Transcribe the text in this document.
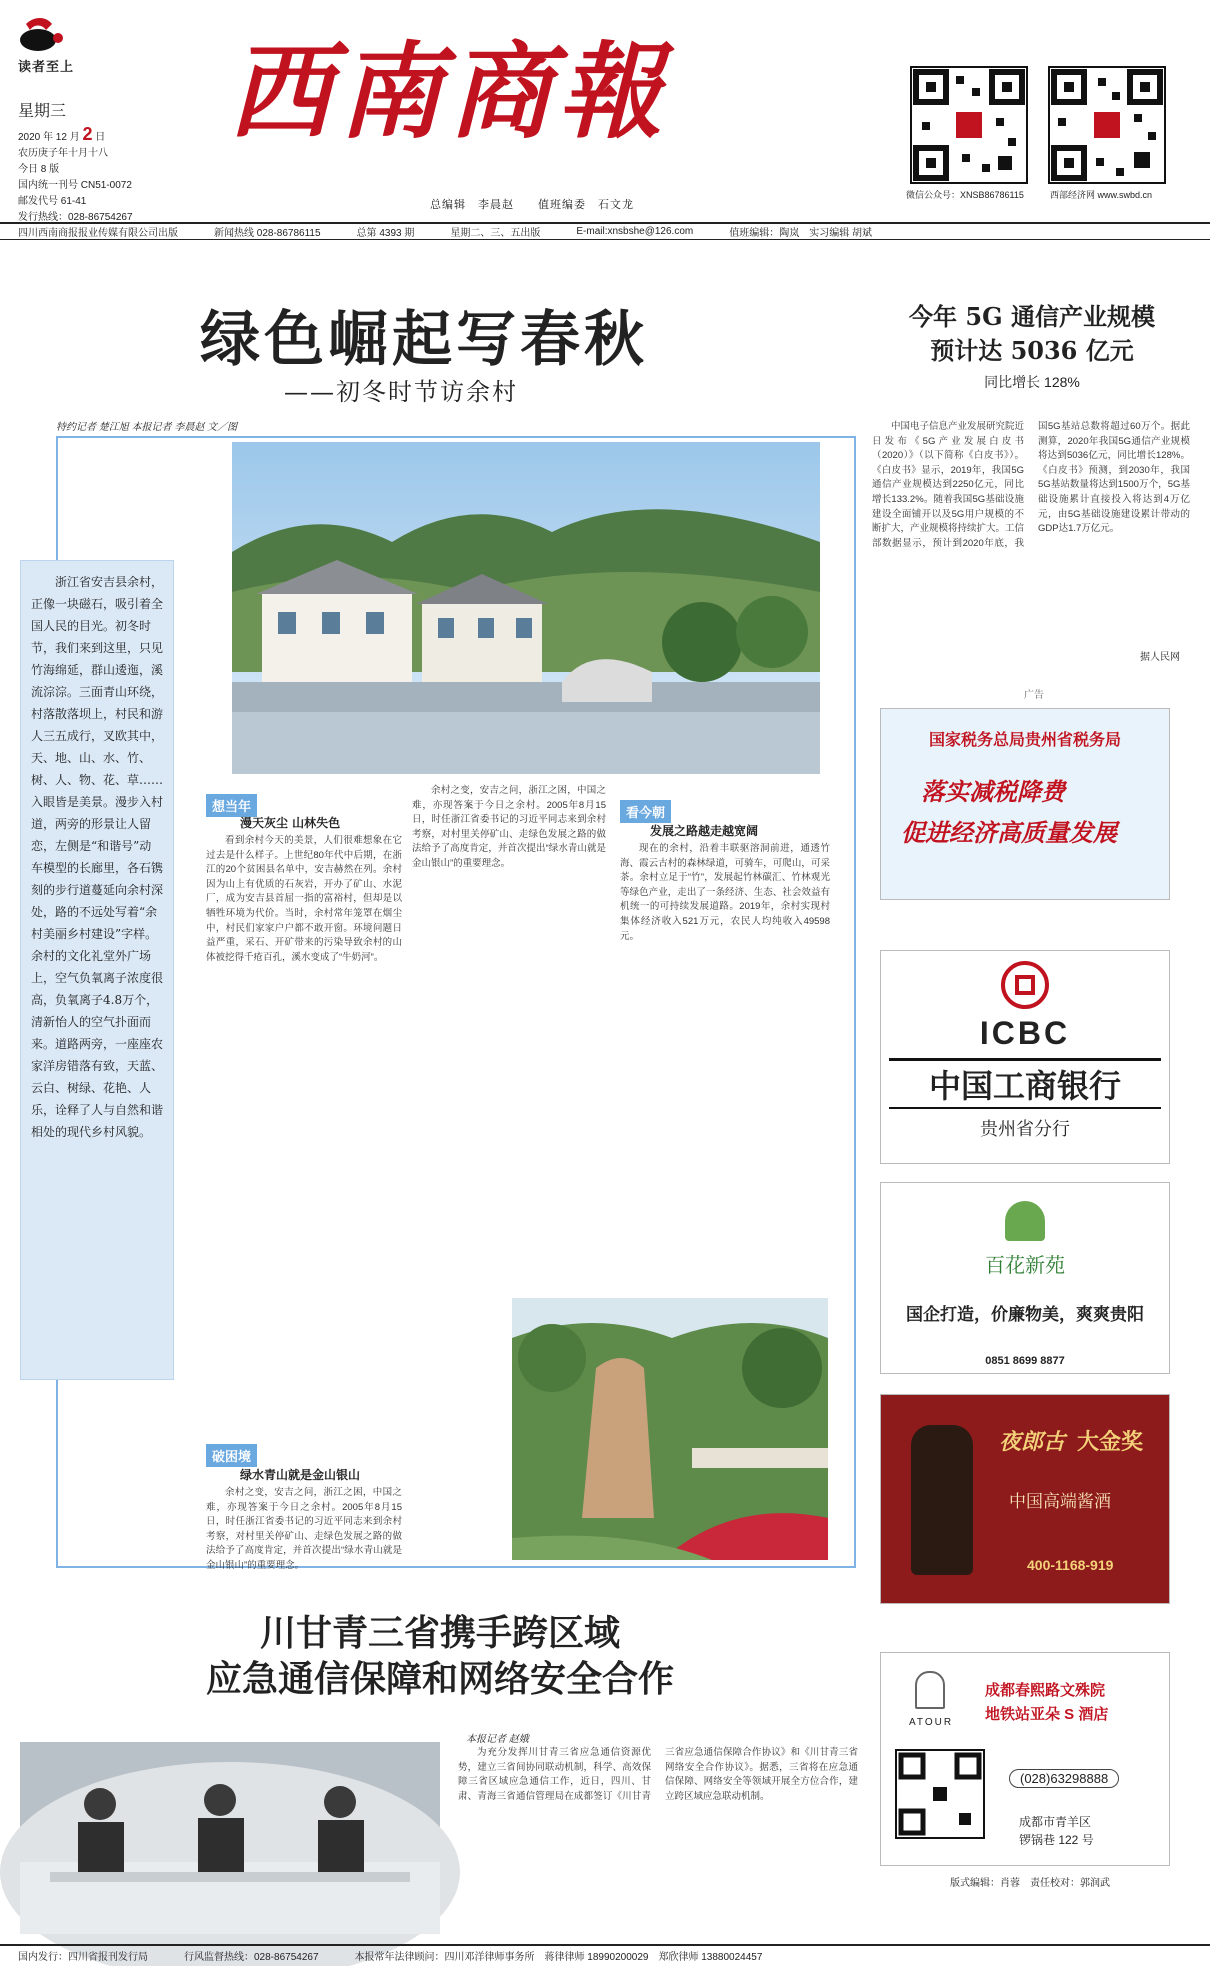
读者至上
星期三
2020 年 12 月 2 日
农历庚子年十月十八
今日 8 版
国内统一刊号 CN51-0072
邮发代号 61-41
发行热线：028-86754267
西南商報
总编辑　李晨赵　　值班编委　石文龙
微信公众号：XNSB86786115	西部经济网 www.swbd.cn
四川西南商报报业传媒有限公司出版	新闻热线 028-86786115	总第 4393 期	星期二、三、五出版	E-mail:xnsbshe@126.com	值班编辑：陶岚　实习编辑 胡斌
绿色崛起写春秋
——初冬时节访余村
特约记者 楚江旭 本报记者 李晨赵 文／图

浙江省安吉县余村，正像一块磁石，吸引着全国人民的目光。初冬时节，我们来到这里，只见竹海绵延，群山逶迤，溪流淙淙。三面青山环绕，村落散落坝上，村民和游人三五成行，叉欧其中，天、地、山、水、竹、树、人、物、花、草……入眼皆是美景。漫步入村道，两旁的形景让人留恋，左侧是“和谐号”动车模型的长廊里，各石镌刻的步行道蔓延向余村深处，路的不远处写着“余村美丽乡村建设”字样。余村的文化礼堂外广场上，空气负氧离子浓度很高，负氧离子4.8万个，清新怡人的空气扑面而来。道路两旁，一座座农家洋房错落有致，天蓝、云白、树绿、花艳、人乐，诠释了人与自然和谐相处的现代乡村风貌。

想当年
漫天灰尘 山林失色

看到余村今天的美景，人们很难想象在它过去是什么样子。上世纪80年代中后期，在浙江的20个贫困县名单中，安吉赫然在列。余村因为山上有优质的石灰岩，开办了矿山、水泥厂，成为安吉县首屈一指的富裕村，但却是以牺牲环境为代价。当时，余村常年笼罩在烟尘中，村民们家家户户都不敢开窗。环境问题日益严重，采石、开矿带来的污染导致余村的山体被挖得千疮百孔，溪水变成了“牛奶河”。

破困境
绿水青山就是金山银山

余村之变，安吉之问，浙江之困，中国之难，亦现答案于今日之余村。2005年8月15日，时任浙江省委书记的习近平同志来到余村考察，对村里关停矿山、走绿色发展之路的做法给予了高度肯定，并首次提出“绿水青山就是金山银山”的重要理念。

余村之变，安吉之问，浙江之困，中国之难，亦现答案于今日之余村。2005年8月15日，时任浙江省委书记的习近平同志来到余村考察，对村里关停矿山、走绿色发展之路的做法给予了高度肯定，并首次提出“绿水青山就是金山银山”的重要理念。

看今朝
发展之路越走越宽阔

现在的余村，沿着丰联驱溶洞前进，通透竹海、霞云古村的森林绿道，可骑车，可爬山，可采茶。余村立足于“竹”，发展起竹林碳汇、竹林观光等绿色产业，走出了一条经济、生态、社会效益有机统一的可持续发展道路。2019年，余村实现村集体经济收入521万元，农民人均纯收入49598元。

今年 5G 通信产业规模
预计达 5036 亿元
同比增长 128%

中国电子信息产业发展研究院近日发布《5G产业发展白皮书（2020）》（以下简称《白皮书》）。《白皮书》显示，2019年，我国5G通信产业规模达到2250亿元，同比增长133.2%。随着我国5G基础设施建设全面铺开以及5G用户规模的不断扩大，产业规模将持续扩大。工信部数据显示，预计到2020年底，我国5G基站总数将超过60万个。据此测算，2020年我国5G通信产业规模将达到5036亿元，同比增长128%。《白皮书》预测，到2030年，我国5G基站数量将达到1500万个，5G基础设施累计直接投入将达到4万亿元，由5G基础设施建设累计带动的GDP达1.7万亿元。

据人民网
广告
国家税务总局贵州省税务局
落实减税降费
促进经济高质量发展
ICBC
中国工商银行
贵州省分行
百花新苑
国企打造，价廉物美，爽爽贵阳
0851 8699 8877
夜郎古 大金奖
中国高端酱酒
400-1168-919
ATOUR
成都春熙路文殊院
地铁站亚朵 S 酒店
(028)63298888
成都市青羊区
锣锅巷 122 号
版式编辑：肖蓉　责任校对：郭润武
川甘青三省携手跨区域
应急通信保障和网络安全合作
本报记者 赵娥

为充分发挥川甘青三省应急通信资源优势，建立三省间协同联动机制，科学、高效保障三省区域应急通信工作，近日，四川、甘肃、青海三省通信管理局在成都签订《川甘青三省应急通信保障合作协议》和《川甘青三省网络安全合作协议》。据悉，三省将在应急通信保障、网络安全等领域开展全方位合作，建立跨区域应急联动机制。

国内发行：四川省报刊发行局	行风监督热线：028-86754267	本报常年法律顾问：四川邓洋律师事务所　蒋律律师 18990200029　郑欣律师 13880024457
